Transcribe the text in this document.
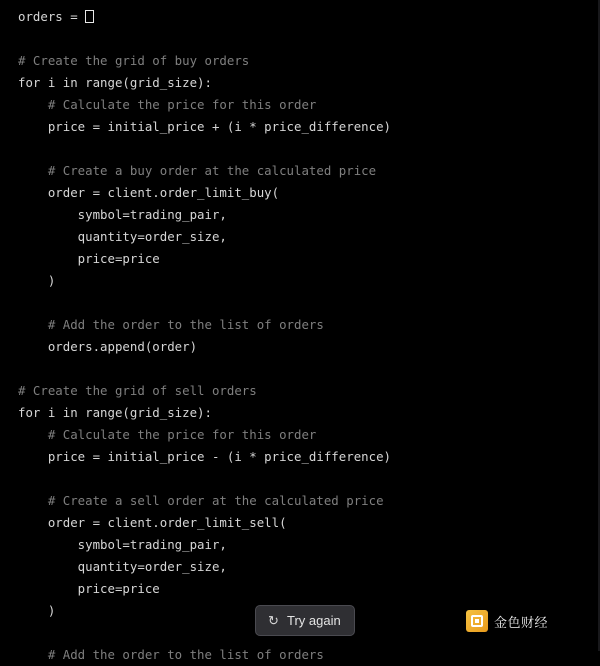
orders =

# Create the grid of buy orders
for i in range(grid_size):
# Calculate the price for this order
price = initial_price + (i * price_difference)

# Create a buy order at the calculated price
order = client.order_limit_buy(
symbol=trading_pair,
quantity=order_size,
price=price
)

# Add the order to the list of orders
orders.append(order)

# Create the grid of sell orders
for i in range(grid_size):
# Calculate the price for this order
price = initial_price - (i * price_difference)

# Create a sell order at the calculated price
order = client.order_limit_sell(
symbol=trading_pair,
quantity=order_size,
price=price
)

# Add the order to the list of orders
↻ Try again	金色财经
